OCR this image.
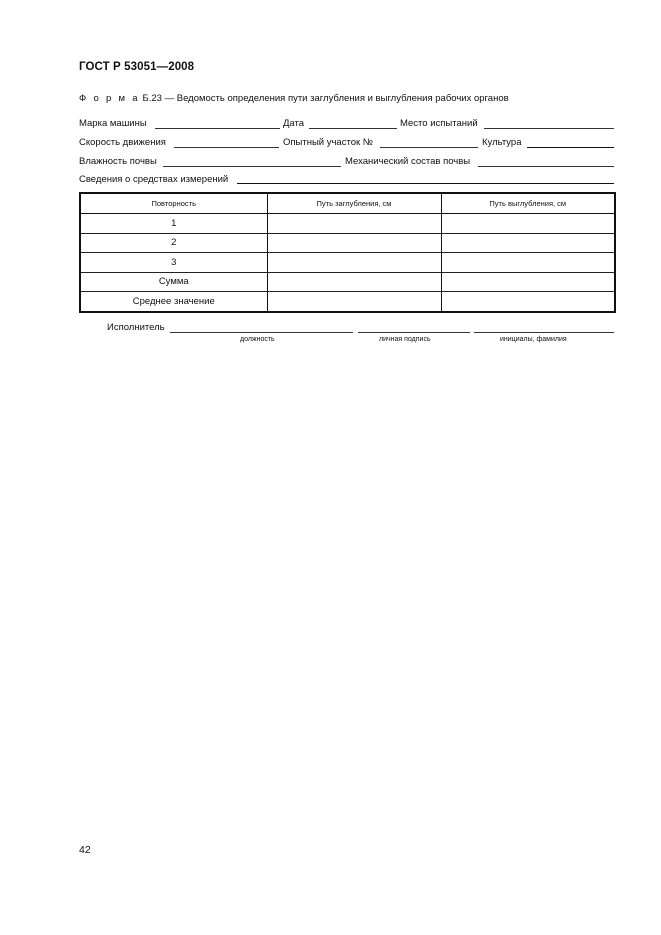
ГОСТ Р 53051—2008
Ф о р м а Б.23 — Ведомость определения пути заглубления и выглубления рабочих органов
Марка машины	Дата	Место испытаний
Скорость движения	Опытный участок №	Культура
Влажность почвы	Механический состав почвы
Сведения о средствах измерений
Повторность	Путь заглубления, см	Путь выглубления, см
1		
2		
3		
Сумма		
Среднее значение		
Исполнитель
должность	личная подпись	инициалы, фамилия
42
